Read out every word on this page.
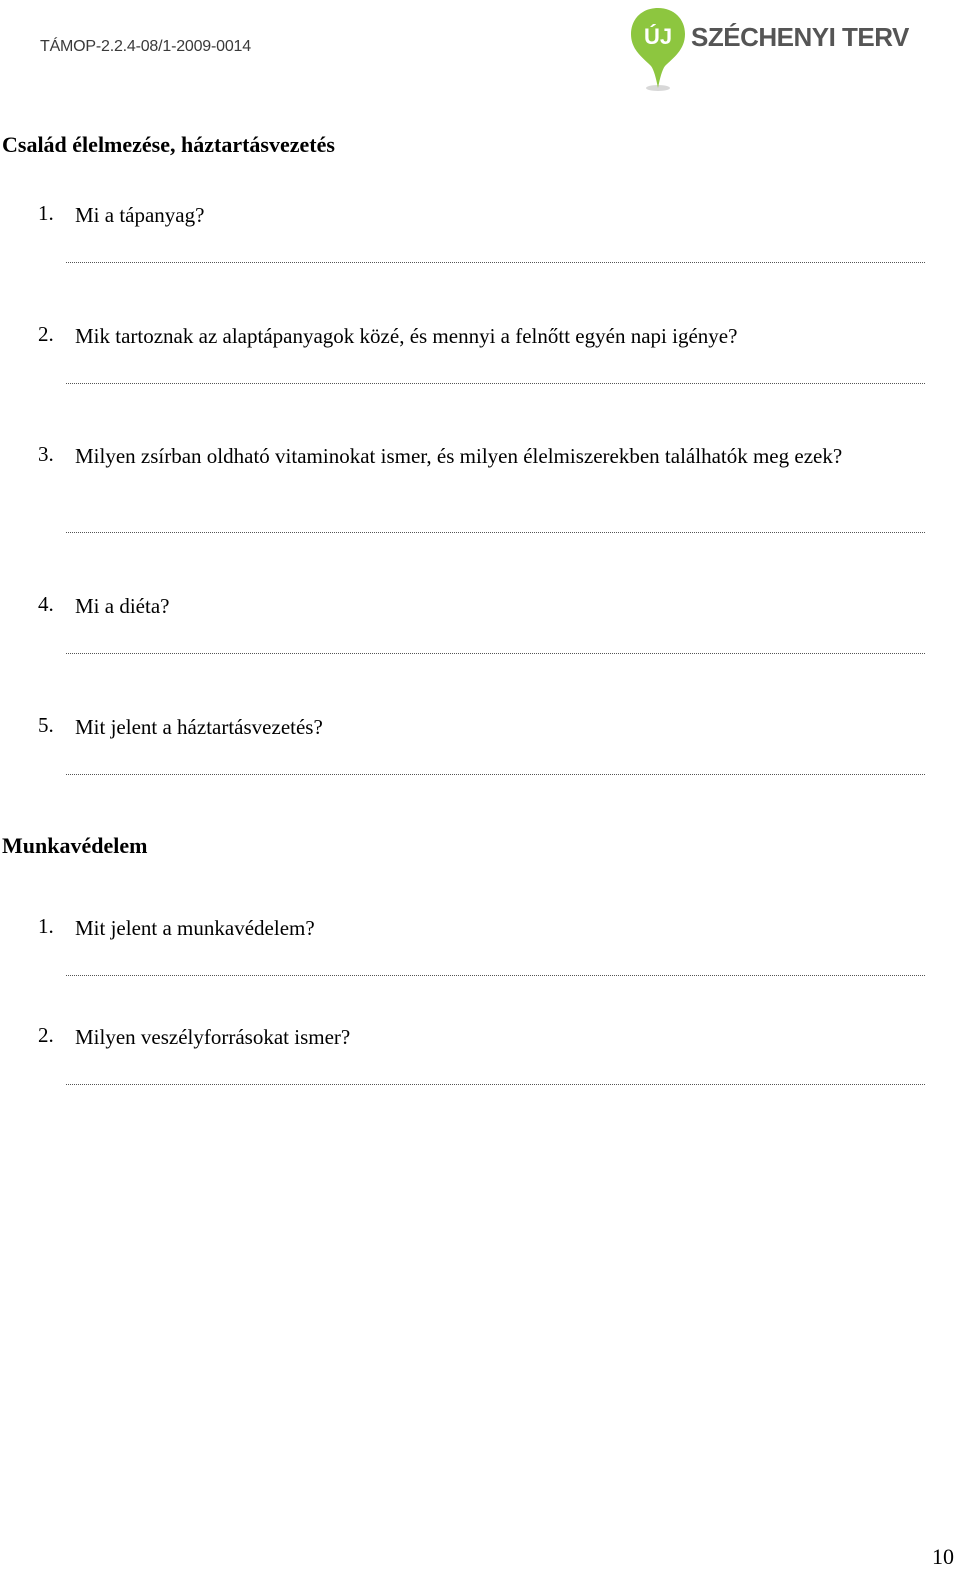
TÁMOP-2.2.4-08/1-2009-0014	ÚJ SZÉCHENYI TERV
Család élelmezése, háztartásvezetés
1. Mi a tápanyag?
2. Mik tartoznak az alaptápanyagok közé, és mennyi a felnőtt egyén napi igénye?
3. Milyen zsírban oldható vitaminokat ismer, és milyen élelmiszerekben találhatók meg ezek?
4. Mi a diéta?
5. Mit jelent a háztartásvezetés?
Munkavédelem
1. Mit jelent a munkavédelem?
2. Milyen veszélyforrásokat ismer?
10
